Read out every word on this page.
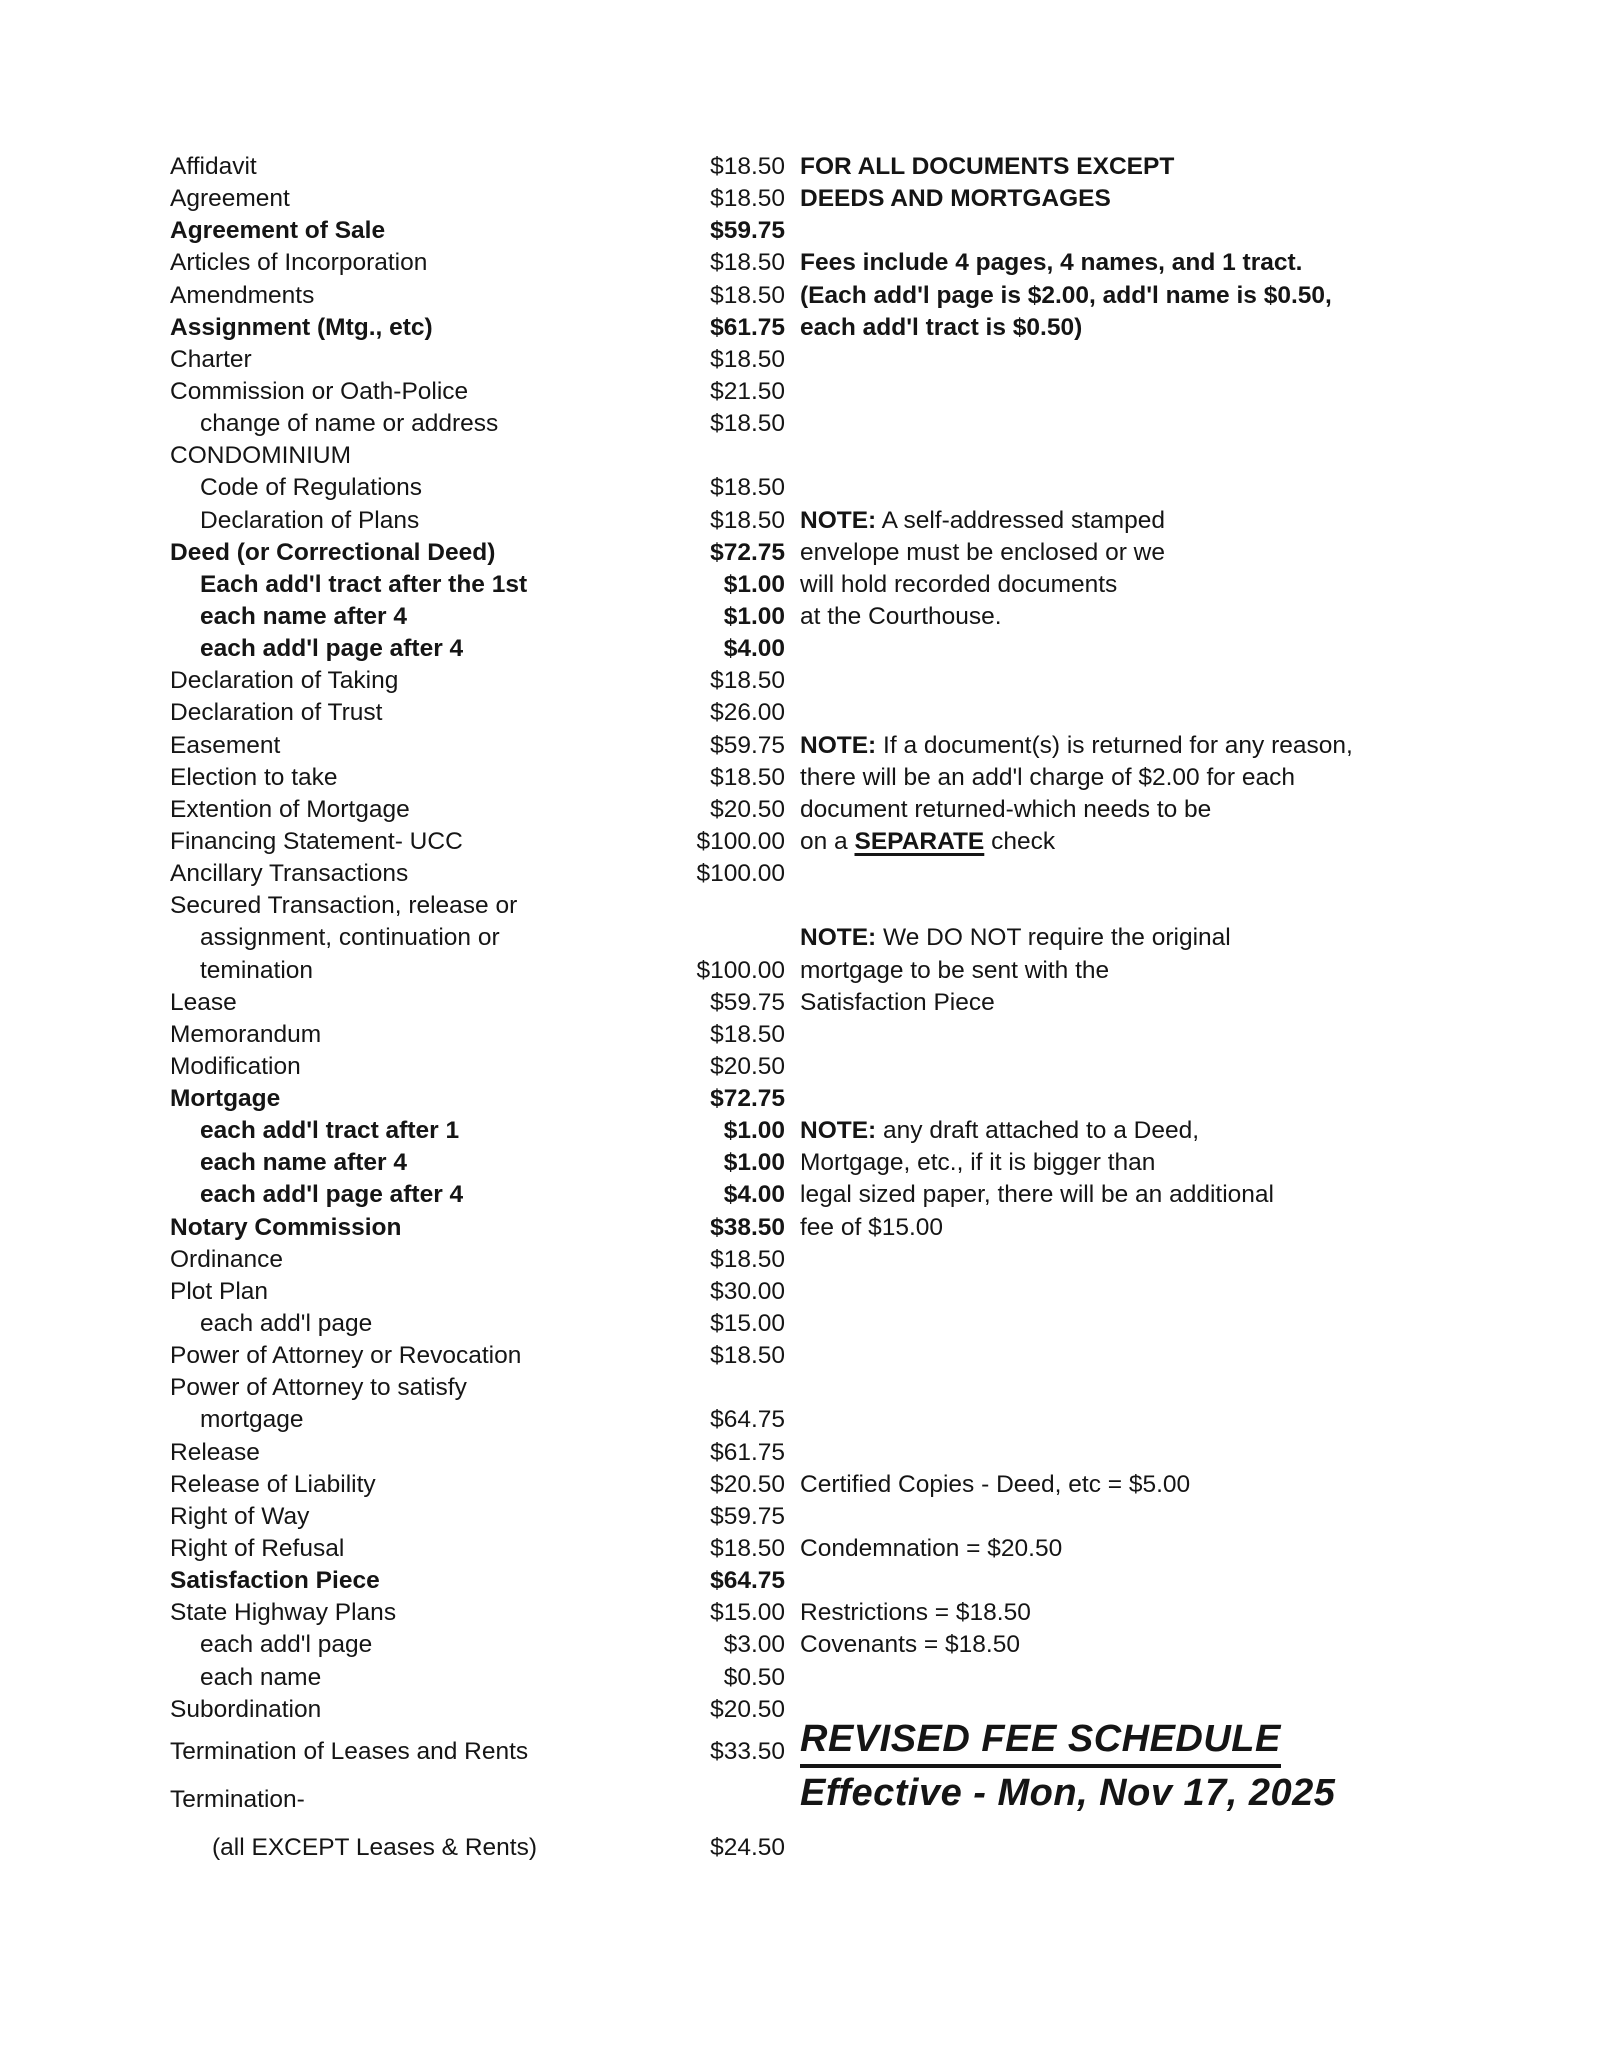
Affidavit	$18.50
Agreement	$18.50
Agreement of Sale	$59.75
Articles of Incorporation	$18.50
Amendments	$18.50
Assignment (Mtg., etc)	$61.75
Charter	$18.50
Commission or Oath-Police	$21.50
change of name or address	$18.50
CONDOMINIUM
Code of Regulations	$18.50
Declaration of Plans	$18.50
Deed (or Correctional Deed)	$72.75
Each add'l tract after the 1st	$1.00
each name after 4	$1.00
each add'l page after 4	$4.00
Declaration of Taking	$18.50
Declaration of Trust	$26.00
Easement	$59.75
Election to take	$18.50
Extention of Mortgage	$20.50
Financing Statement- UCC	$100.00
Ancillary Transactions	$100.00
Secured Transaction, release or
assignment, continuation or
temination	$100.00
Lease	$59.75
Memorandum	$18.50
Modification	$20.50
Mortgage	$72.75
each add'l tract after 1	$1.00
each name after 4	$1.00
each add'l page after 4	$4.00
Notary Commission	$38.50
Ordinance	$18.50
Plot Plan	$30.00
each add'l page	$15.00
Power of Attorney or Revocation	$18.50
Power of Attorney to satisfy
mortgage	$64.75
Release	$61.75
Release of Liability	$20.50
Right of Way	$59.75
Right of Refusal	$18.50
Satisfaction Piece	$64.75
State Highway Plans	$15.00
each add'l page	$3.00
each name	$0.50
Subordination	$20.50
Termination of Leases and Rents	$33.50
Termination-
(all EXCEPT Leases & Rents)	$24.50
FOR ALL DOCUMENTS EXCEPT
DEEDS AND MORTGAGES
Fees include 4 pages, 4 names, and 1 tract.
(Each add'l page is $2.00, add'l name is $0.50,
each add'l tract is $0.50)
NOTE: A self-addressed stamped
envelope must be enclosed or we
will hold recorded documents
at the Courthouse.
NOTE: If a document(s) is returned for any reason,
there will be an add'l charge of $2.00 for each
document returned-which needs to be
on a SEPARATE check
NOTE: We DO NOT require the original
mortgage to be sent with the
Satisfaction Piece
NOTE: any draft attached to a Deed,
Mortgage, etc., if it is bigger than
legal sized paper, there will be an additional
fee of $15.00
Certified Copies - Deed, etc = $5.00
Condemnation = $20.50
Restrictions = $18.50
Covenants = $18.50
REVISED FEE SCHEDULE
Effective - Mon, Nov 17, 2025
